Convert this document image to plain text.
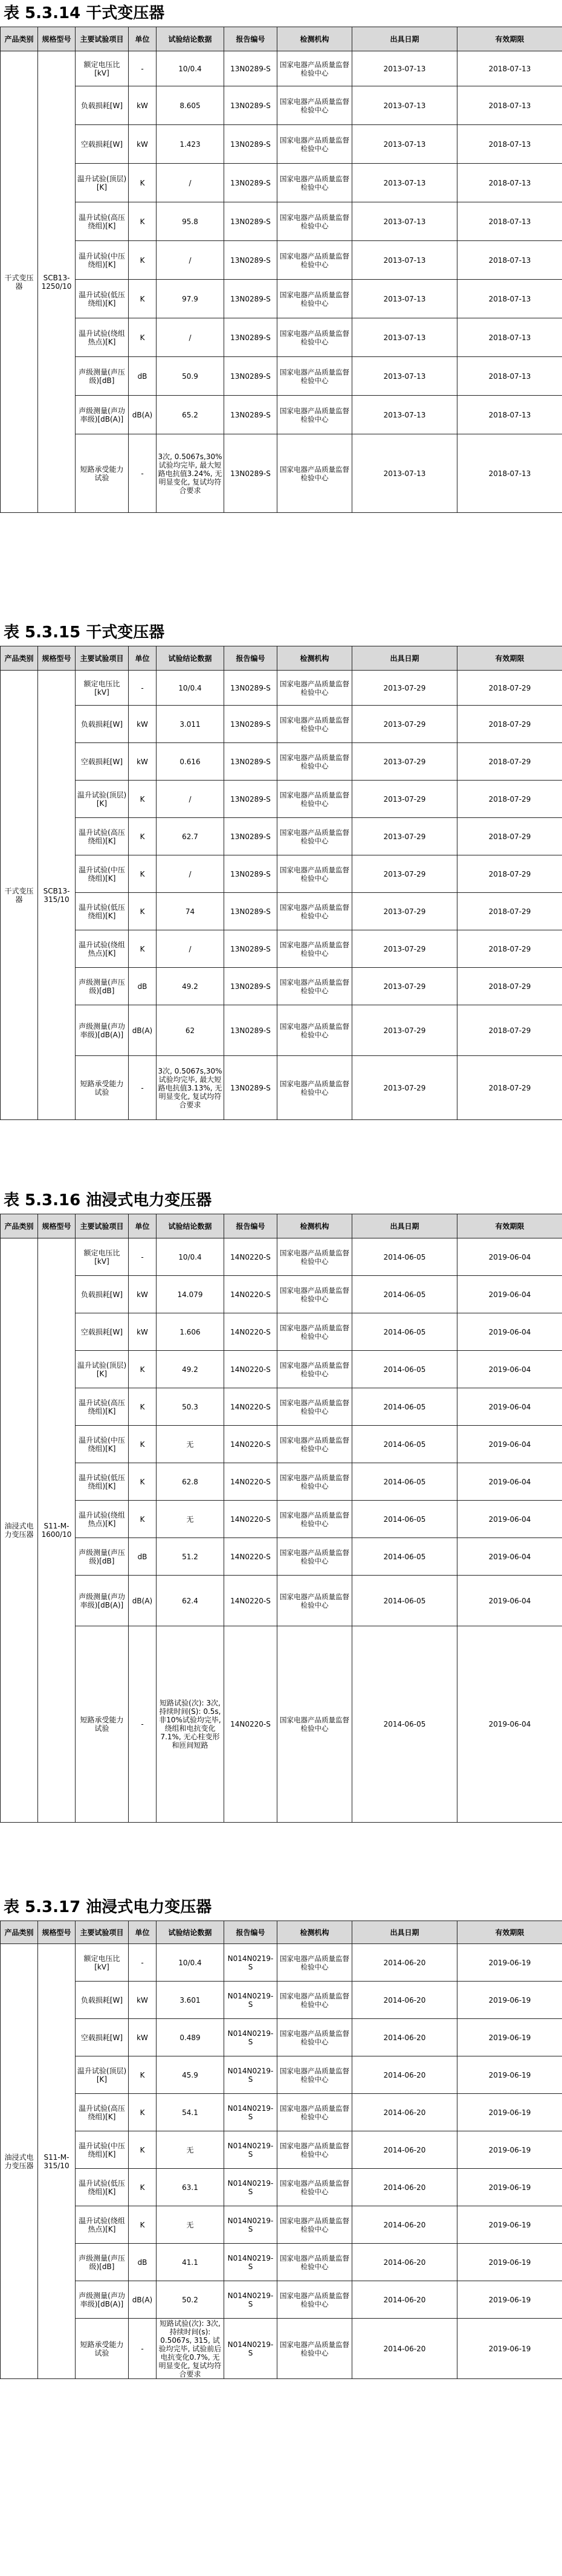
表 5.3.14 干式变压器
产品类别	规格型号	主要试验项目	单位	试验结论数据	报告编号	检测机构	出具日期	有效期限
干式变压器	SCB13-1250/10	额定电压比[kV]	-	10/0.4	13N0289-S	国家电器产品质量监督检验中心	2013-07-13	2018-07-13
		负载损耗[W]	kW	8.605	13N0289-S	国家电器产品质量监督检验中心	2013-07-13	2018-07-13
		空载损耗[W]	kW	1.423	13N0289-S	国家电器产品质量监督检验中心	2013-07-13	2018-07-13
		温升试验(顶层)[K]	K	/	13N0289-S	国家电器产品质量监督检验中心	2013-07-13	2018-07-13
		温升试验(高压绕组)[K]	K	95.8	13N0289-S	国家电器产品质量监督检验中心	2013-07-13	2018-07-13
		温升试验(中压绕组)[K]	K	/	13N0289-S	国家电器产品质量监督检验中心	2013-07-13	2018-07-13
		温升试验(低压绕组)[K]	K	97.9	13N0289-S	国家电器产品质量监督检验中心	2013-07-13	2018-07-13
		温升试验(绕组热点)[K]	K	/	13N0289-S	国家电器产品质量监督检验中心	2013-07-13	2018-07-13
		声级测量(声压级)[dB]	dB	50.9	13N0289-S	国家电器产品质量监督检验中心	2013-07-13	2018-07-13
		声级测量(声功率级)[dB(A)]	dB(A)	65.2	13N0289-S	国家电器产品质量监督检验中心	2013-07-13	2018-07-13
		短路承受能力试验	-	3次, 0.5067s,30%试验均完毕, 最大短路电抗值3.24%, 无明显变化, 复试均符合要求	13N0289-S	国家电器产品质量监督检验中心	2013-07-13	2018-07-13
表 5.3.15 干式变压器
产品类别	规格型号	主要试验项目	单位	试验结论数据	报告编号	检测机构	出具日期	有效期限
干式变压器	SCB13-315/10	额定电压比[kV]	-	10/0.4	13N0289-S	国家电器产品质量监督检验中心	2013-07-29	2018-07-29
		负载损耗[W]	kW	3.011	13N0289-S	国家电器产品质量监督检验中心	2013-07-29	2018-07-29
		空载损耗[W]	kW	0.616	13N0289-S	国家电器产品质量监督检验中心	2013-07-29	2018-07-29
		温升试验(顶层)[K]	K	/	13N0289-S	国家电器产品质量监督检验中心	2013-07-29	2018-07-29
		温升试验(高压绕组)[K]	K	62.7	13N0289-S	国家电器产品质量监督检验中心	2013-07-29	2018-07-29
		温升试验(中压绕组)[K]	K	/	13N0289-S	国家电器产品质量监督检验中心	2013-07-29	2018-07-29
		温升试验(低压绕组)[K]	K	74	13N0289-S	国家电器产品质量监督检验中心	2013-07-29	2018-07-29
		温升试验(绕组热点)[K]	K	/	13N0289-S	国家电器产品质量监督检验中心	2013-07-29	2018-07-29
		声级测量(声压级)[dB]	dB	49.2	13N0289-S	国家电器产品质量监督检验中心	2013-07-29	2018-07-29
		声级测量(声功率级)[dB(A)]	dB(A)	62	13N0289-S	国家电器产品质量监督检验中心	2013-07-29	2018-07-29
		短路承受能力试验	-	3次, 0.5067s,30%试验均完毕, 最大短路电抗值3.13%, 无明显变化, 复试均符合要求	13N0289-S	国家电器产品质量监督检验中心	2013-07-29	2018-07-29
表 5.3.16 油浸式电力变压器
产品类别	规格型号	主要试验项目	单位	试验结论数据	报告编号	检测机构	出具日期	有效期限
油浸式电力变压器	S11-M-1600/10	额定电压比[kV]	-	10/0.4	14N0220-S	国家电器产品质量监督检验中心	2014-06-05	2019-06-04
		负载损耗[W]	kW	14.079	14N0220-S	国家电器产品质量监督检验中心	2014-06-05	2019-06-04
		空载损耗[W]	kW	1.606	14N0220-S	国家电器产品质量监督检验中心	2014-06-05	2019-06-04
		温升试验(顶层)[K]	K	49.2	14N0220-S	国家电器产品质量监督检验中心	2014-06-05	2019-06-04
		温升试验(高压绕组)[K]	K	50.3	14N0220-S	国家电器产品质量监督检验中心	2014-06-05	2019-06-04
		温升试验(中压绕组)[K]	K	无	14N0220-S	国家电器产品质量监督检验中心	2014-06-05	2019-06-04
		温升试验(低压绕组)[K]	K	62.8	14N0220-S	国家电器产品质量监督检验中心	2014-06-05	2019-06-04
		温升试验(绕组热点)[K]	K	无	14N0220-S	国家电器产品质量监督检验中心	2014-06-05	2019-06-04
		声级测量(声压级)[dB]	dB	51.2	14N0220-S	国家电器产品质量监督检验中心	2014-06-05	2019-06-04
		声级测量(声功率级)[dB(A)]	dB(A)	62.4	14N0220-S	国家电器产品质量监督检验中心	2014-06-05	2019-06-04
		短路承受能力试验	-	短路试验(次): 3次, 持续时间(S): 0.5s, 非10%试验均完毕, 绕组和电抗变化7.1%, 无心柱变形和匝间短路	14N0220-S	国家电器产品质量监督检验中心	2014-06-05	2019-06-04
表 5.3.17 油浸式电力变压器
产品类别	规格型号	主要试验项目	单位	试验结论数据	报告编号	检测机构	出具日期	有效期限
油浸式电力变压器	S11-M-315/10	额定电压比[kV]	-	10/0.4	N014N0219-S	国家电器产品质量监督检验中心	2014-06-20	2019-06-19
		负载损耗[W]	kW	3.601	N014N0219-S	国家电器产品质量监督检验中心	2014-06-20	2019-06-19
		空载损耗[W]	kW	0.489	N014N0219-S	国家电器产品质量监督检验中心	2014-06-20	2019-06-19
		温升试验(顶层)[K]	K	45.9	N014N0219-S	国家电器产品质量监督检验中心	2014-06-20	2019-06-19
		温升试验(高压绕组)[K]	K	54.1	N014N0219-S	国家电器产品质量监督检验中心	2014-06-20	2019-06-19
		温升试验(中压绕组)[K]	K	无	N014N0219-S	国家电器产品质量监督检验中心	2014-06-20	2019-06-19
		温升试验(低压绕组)[K]	K	63.1	N014N0219-S	国家电器产品质量监督检验中心	2014-06-20	2019-06-19
		温升试验(绕组热点)[K]	K	无	N014N0219-S	国家电器产品质量监督检验中心	2014-06-20	2019-06-19
		声级测量(声压级)[dB]	dB	41.1	N014N0219-S	国家电器产品质量监督检验中心	2014-06-20	2019-06-19
		声级测量(声功率级)[dB(A)]	dB(A)	50.2	N014N0219-S	国家电器产品质量监督检验中心	2014-06-20	2019-06-19
		短路承受能力试验	-	短路试验(次): 3次, 持续时间(s): 0.5067s, 315, 试验均完毕, 试验前后电抗变化0.7%, 无明显变化, 复试均符合要求	N014N0219-S	国家电器产品质量监督检验中心	2014-06-20	2019-06-19
